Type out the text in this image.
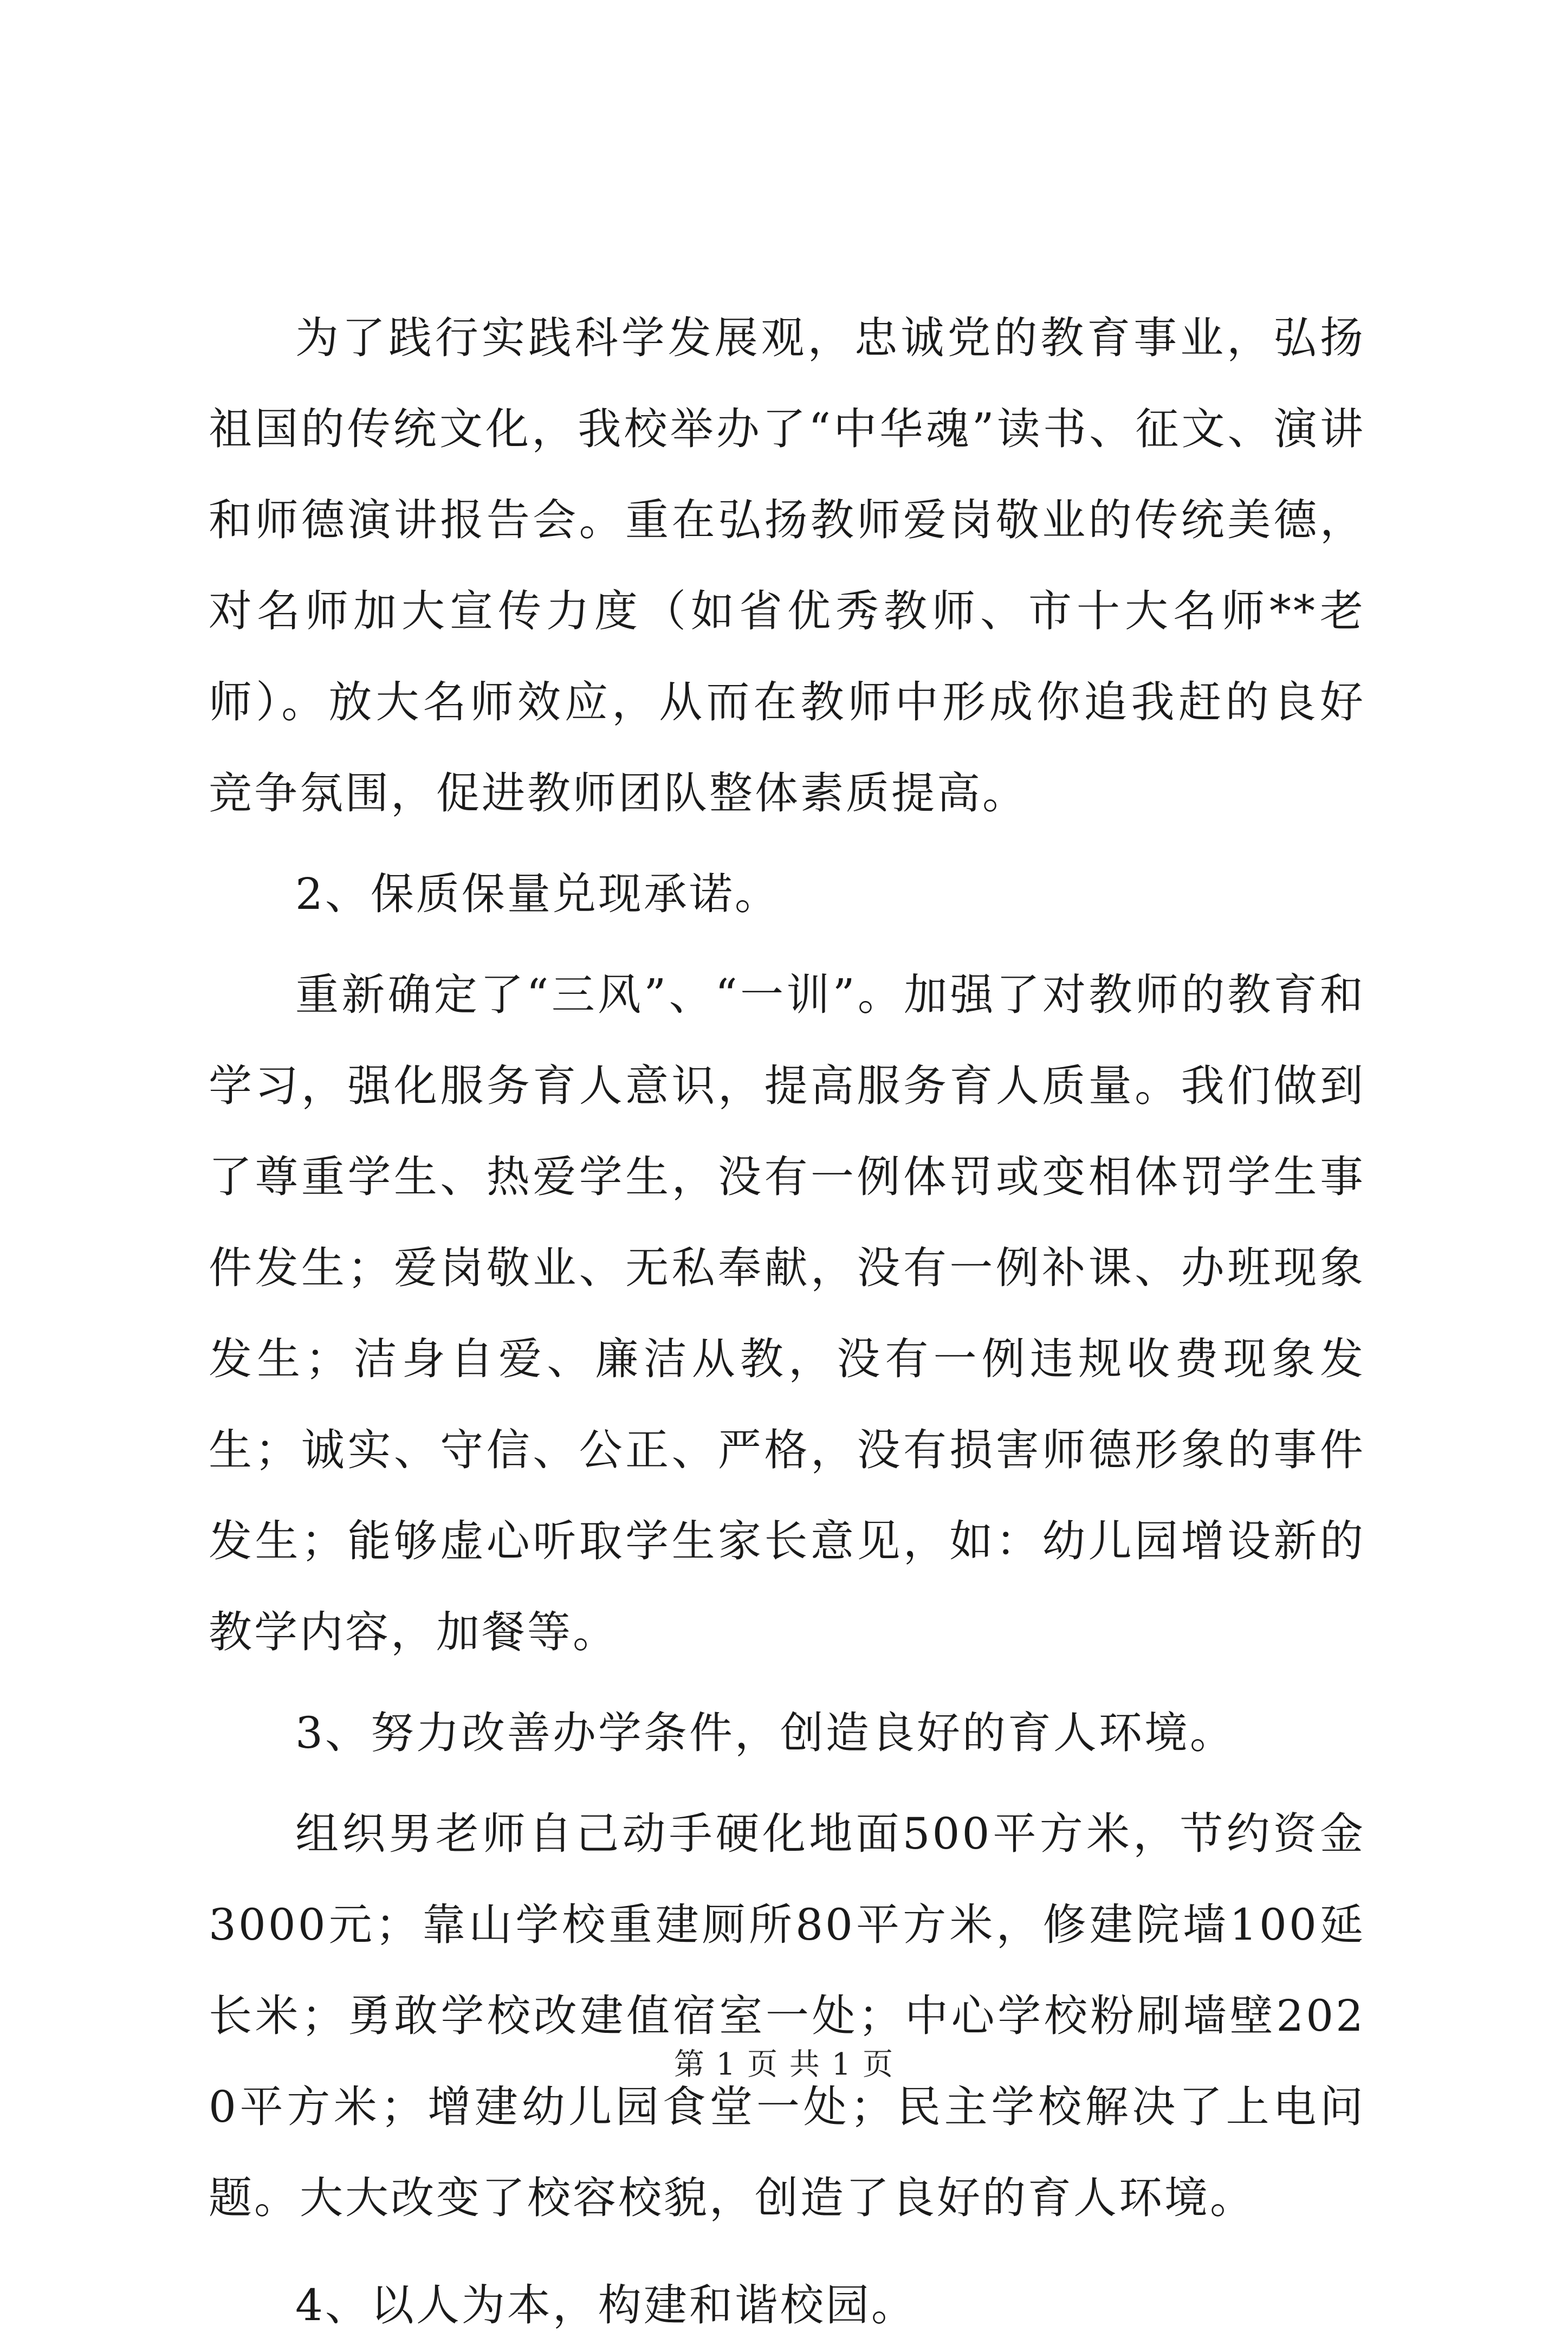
为了践行实践科学发展观，忠诚党的教育事业，弘扬祖国的传统文化，我校举办了“中华魂”读书、征文、演讲和师德演讲报告会。重在弘扬教师爱岗敬业的传统美德，对名师加大宣传力度（如省优秀教师、市十大名师**老师）。放大名师效应，从而在教师中形成你追我赶的良好竞争氛围，促进教师团队整体素质提高。

2、保质保量兑现承诺。

重新确定了“三风”、“一训”。加强了对教师的教育和学习，强化服务育人意识，提高服务育人质量。我们做到了尊重学生、热爱学生，没有一例体罚或变相体罚学生事件发生；爱岗敬业、无私奉献，没有一例补课、办班现象发生；洁身自爱、廉洁从教，没有一例违规收费现象发生；诚实、守信、公正、严格，没有损害师德形象的事件发生；能够虚心听取学生家长意见，如：幼儿园增设新的教学内容，加餐等。

3、努力改善办学条件，创造良好的育人环境。

组织男老师自己动手硬化地面500平方米，节约资金3000元；靠山学校重建厕所80平方米，修建院墙100延长米；勇敢学校改建值宿室一处；中心学校粉刷墙壁2020平方米；增建幼儿园食堂一处；民主学校解决了上电问题。大大改变了校容校貌，创造了良好的育人环境。

4、以人为本，构建和谐校园。

第 1 页 共 1 页
